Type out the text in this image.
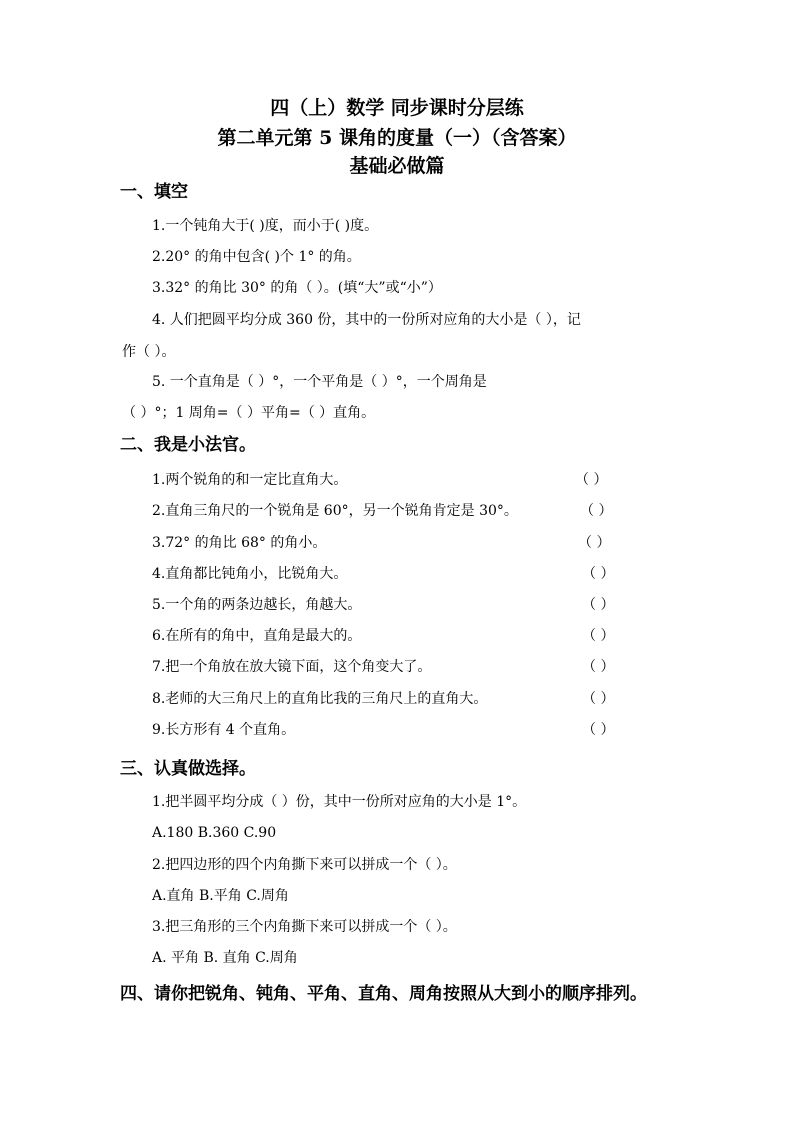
四（上）数学 同步课时分层练
第二单元第 5 课角的度量（一）（含答案）
基础必做篇
一、填空
1.一个钝角大于( )度，而小于( )度。
2.20° 的角中包含( )个 1° 的角。
3.32° 的角比 30° 的角（ ）。(填“大”或“小”）
4. 人们把圆平均分成 360 份，其中的一份所对应角的大小是（ ），记
作（ ）。
5. 一个直角是（ ）°，一个平角是（ ）°，一个周角是
（ ）°；1 周角=（ ）平角=（ ）直角。
二、我是小法官。
1.两个锐角的和一定比直角大。	（ ）
2.直角三角尺的一个锐角是 60°，另一个锐角肯定是 30°。	（ ）
3.72° 的角比 68° 的角小。	（ ）
4.直角都比钝角小，比锐角大。	（ ）
5.一个角的两条边越长，角越大。	（ ）
6.在所有的角中，直角是最大的。	（ ）
7.把一个角放在放大镜下面，这个角变大了。	（ ）
8.老师的大三角尺上的直角比我的三角尺上的直角大。	（ ）
9.长方形有 4 个直角。	（ ）
三、认真做选择。
1.把半圆平均分成（ ）份，其中一份所对应角的大小是 1°。
A.180 B.360 C.90
2.把四边形的四个内角撕下来可以拼成一个（ ）。
A.直角 B.平角 C.周角
3.把三角形的三个内角撕下来可以拼成一个（ ）。
A. 平角 B. 直角 C.周角
四、请你把锐角、钝角、平角、直角、周角按照从大到小的顺序排列。
